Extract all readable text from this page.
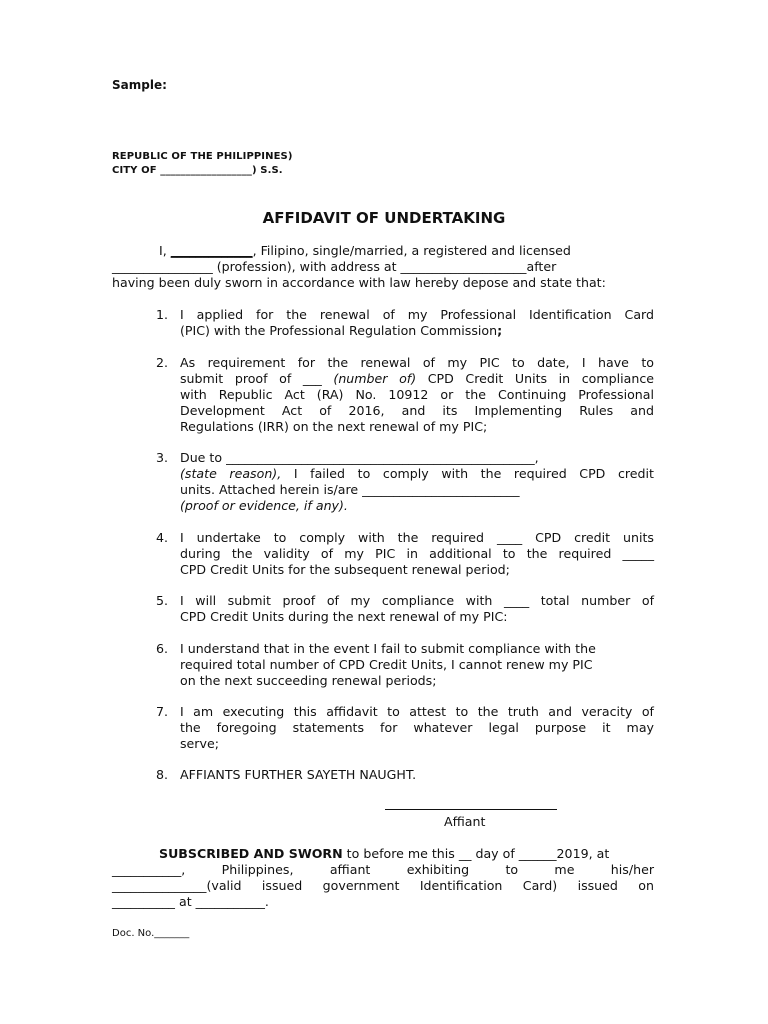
Sample:
REPUBLIC OF THE PHILIPPINES)
CITY OF __________________) S.S.
AFFIDAVIT OF UNDERTAKING
I, _____________, Filipino, single/married, a registered and licensed
________________ (profession), with address at ____________________after
having been duly sworn in accordance with law hereby depose and state that:
1. I applied for the renewal of my Professional Identification Card
(PIC) with the Professional Regulation Commission;
2. As requirement for the renewal of my PIC to date, I have to
submit proof of ___ (number of) CPD Credit Units in compliance
with Republic Act (RA) No. 10912 or the Continuing Professional
Development Act of 2016, and its Implementing Rules and
Regulations (IRR) on the next renewal of my PIC;
3. Due to _________________________________________________,
(state reason), I failed to comply with the required CPD credit
units. Attached herein is/are _________________________
(proof or evidence, if any).
4. I undertake to comply with the required ____ CPD credit units
during the validity of my PIC in additional to the required _____
CPD Credit Units for the subsequent renewal period;
5. I will submit proof of my compliance with ____ total number of
CPD Credit Units during the next renewal of my PIC:
6. I understand that in the event I fail to submit compliance with the
required total number of CPD Credit Units, I cannot renew my PIC
on the next succeeding renewal periods;
7. I am executing this affidavit to attest to the truth and veracity of
the foregoing statements for whatever legal purpose it may
serve;
8. AFFIANTS FURTHER SAYETH NAUGHT.
Affiant
SUBSCRIBED AND SWORN to before me this __ day of ______2019, at
___________, Philippines, affiant exhibiting to me his/her
_______________(valid issued government Identification Card) issued on
__________ at ___________.
Doc. No._______
